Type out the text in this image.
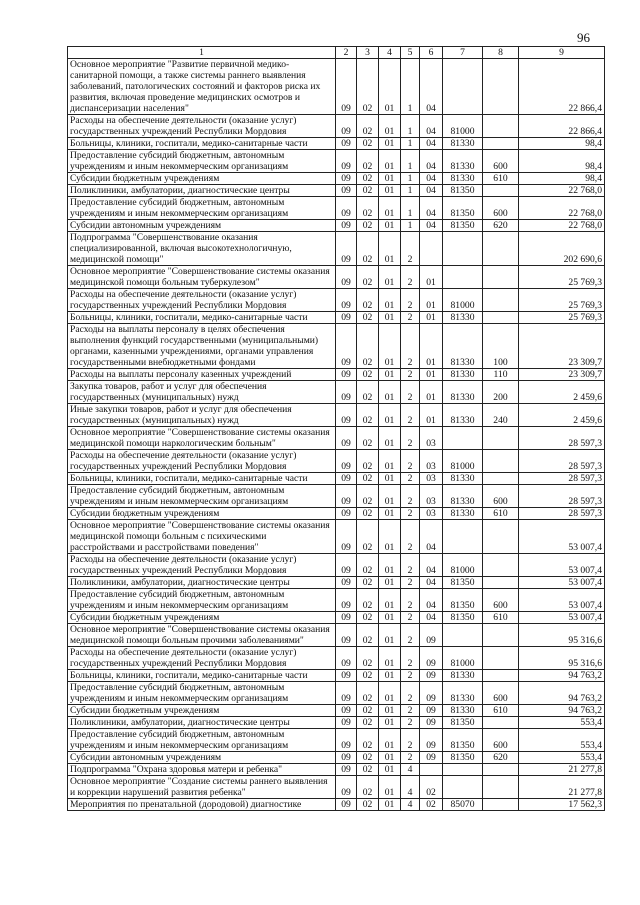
96
1	2	3	4	5	6	7	8	9
Основное мероприятие "Развитие первичной медико-санитарной помощи, а также системы раннего выявления заболеваний, патологических состояний и факторов риска их развития, включая проведение медицинских осмотров и диспансеризации населения"	09	02	01	1	04			22 866,4
Расходы на обеспечение деятельности (оказание услуг) государственных учреждений Республики Мордовия	09	02	01	1	04	81000		22 866,4
Больницы, клиники, госпитали, медико-санитарные части	09	02	01	1	04	81330		98,4
Предоставление субсидий бюджетным, автономным учреждениям и иным некоммерческим организациям	09	02	01	1	04	81330	600	98,4
Субсидии бюджетным учреждениям	09	02	01	1	04	81330	610	98,4
Поликлиники, амбулатории, диагностические центры	09	02	01	1	04	81350		22 768,0
Предоставление субсидий бюджетным, автономным учреждениям и иным некоммерческим организациям	09	02	01	1	04	81350	600	22 768,0
Субсидии автономным учреждениям	09	02	01	1	04	81350	620	22 768,0
Подпрограмма "Совершенствование оказания специализированной, включая высокотехнологичную, медицинской помощи"	09	02	01	2				202 690,6
Основное мероприятие "Совершенствование системы оказания медицинской помощи больным туберкулезом"	09	02	01	2	01			25 769,3
Расходы на обеспечение деятельности (оказание услуг) государственных учреждений Республики Мордовия	09	02	01	2	01	81000		25 769,3
Больницы, клиники, госпитали, медико-санитарные части	09	02	01	2	01	81330		25 769,3
Расходы на выплаты персоналу в целях обеспечения выполнения функций государственными (муниципальными) органами, казенными учреждениями, органами управления государственными внебюджетными фондами	09	02	01	2	01	81330	100	23 309,7
Расходы на выплаты персоналу казенных учреждений	09	02	01	2	01	81330	110	23 309,7
Закупка товаров, работ и услуг для обеспечения государственных (муниципальных) нужд	09	02	01	2	01	81330	200	2 459,6
Иные закупки товаров, работ и услуг для обеспечения государственных (муниципальных) нужд	09	02	01	2	01	81330	240	2 459,6
Основное мероприятие "Совершенствование системы оказания медицинской помощи наркологическим больным"	09	02	01	2	03			28 597,3
Расходы на обеспечение деятельности (оказание услуг) государственных учреждений Республики Мордовия	09	02	01	2	03	81000		28 597,3
Больницы, клиники, госпитали, медико-санитарные части	09	02	01	2	03	81330		28 597,3
Предоставление субсидий бюджетным, автономным учреждениям и иным некоммерческим организациям	09	02	01	2	03	81330	600	28 597,3
Субсидии бюджетным учреждениям	09	02	01	2	03	81330	610	28 597,3
Основное мероприятие "Совершенствование системы оказания медицинской помощи больным с психическими расстройствами и расстройствами поведения"	09	02	01	2	04			53 007,4
Расходы на обеспечение деятельности (оказание услуг) государственных учреждений Республики Мордовия	09	02	01	2	04	81000		53 007,4
Поликлиники, амбулатории, диагностические центры	09	02	01	2	04	81350		53 007,4
Предоставление субсидий бюджетным, автономным учреждениям и иным некоммерческим организациям	09	02	01	2	04	81350	600	53 007,4
Субсидии бюджетным учреждениям	09	02	01	2	04	81350	610	53 007,4
Основное мероприятие "Совершенствование системы оказания медицинской помощи больным прочими заболеваниями"	09	02	01	2	09			95 316,6
Расходы на обеспечение деятельности (оказание услуг) государственных учреждений Республики Мордовия	09	02	01	2	09	81000		95 316,6
Больницы, клиники, госпитали, медико-санитарные части	09	02	01	2	09	81330		94 763,2
Предоставление субсидий бюджетным, автономным учреждениям и иным некоммерческим организациям	09	02	01	2	09	81330	600	94 763,2
Субсидии бюджетным учреждениям	09	02	01	2	09	81330	610	94 763,2
Поликлиники, амбулатории, диагностические центры	09	02	01	2	09	81350		553,4
Предоставление субсидий бюджетным, автономным учреждениям и иным некоммерческим организациям	09	02	01	2	09	81350	600	553,4
Субсидии автономным учреждениям	09	02	01	2	09	81350	620	553,4
Подпрограмма "Охрана здоровья матери и ребенка"	09	02	01	4				21 277,8
Основное мероприятие "Создание системы раннего выявления и коррекции нарушений развития ребенка"	09	02	01	4	02			21 277,8
Мероприятия по пренатальной (дородовой) диагностике	09	02	01	4	02	85070		17 562,3
